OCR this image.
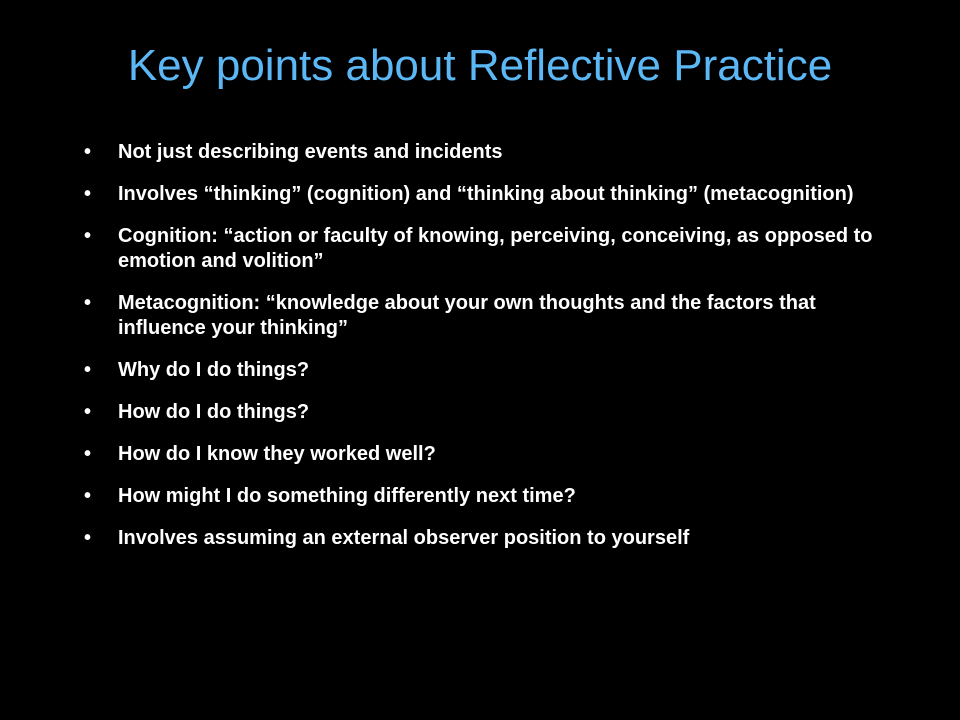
Key points about Reflective Practice
•	Not just describing events and incidents
•	Involves “thinking” (cognition) and “thinking about thinking” (metacognition)
•	Cognition: “action or faculty of knowing, perceiving, conceiving, as opposed to emotion and volition”
•	Metacognition: “knowledge about your own thoughts and the factors that influence your thinking”
•	Why do I do things?
•	How do I do things?
•	How do I know they worked well?
•	How might I do something differently next time?
•	Involves assuming an external observer position to yourself
